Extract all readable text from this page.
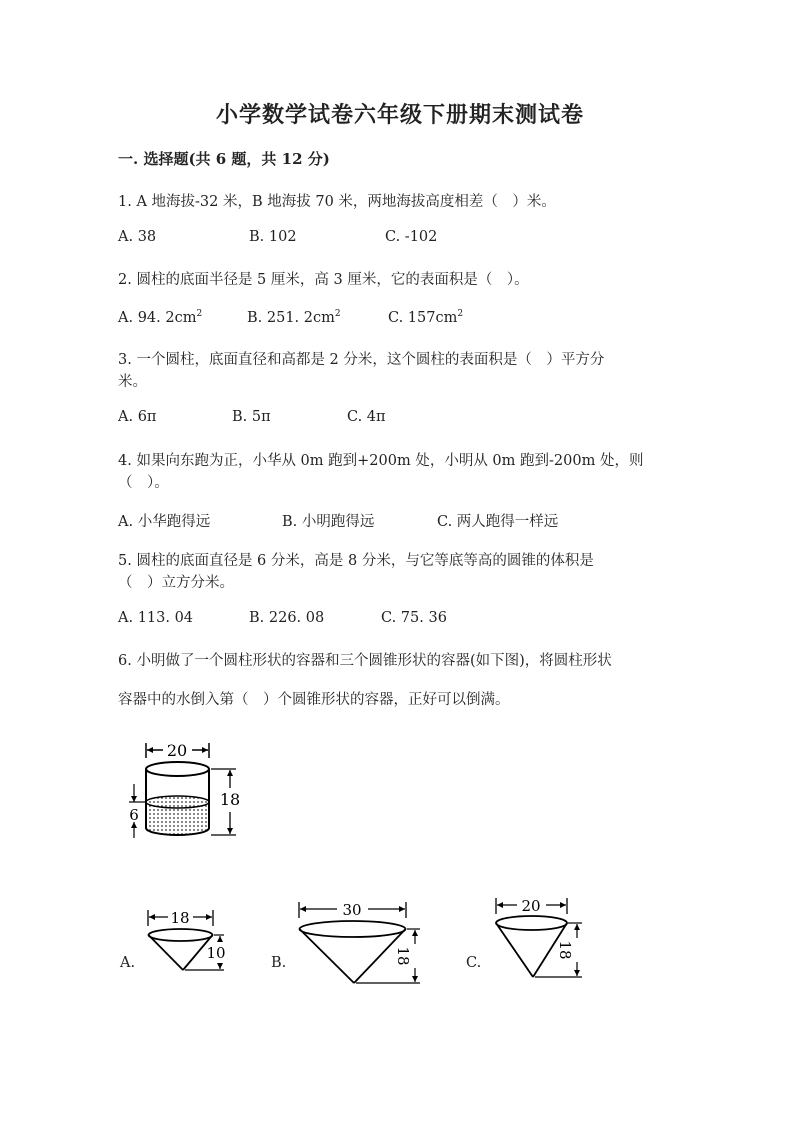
小学数学试卷六年级下册期末测试卷
一. 选择题(共 6 题，共 12 分)
1. A 地海拔-32 米，B 地海拔 70 米，两地海拔高度相差（　）米。
A. 38	B. 102	C. -102
2. 圆柱的底面半径是 5 厘米，高 3 厘米，它的表面积是（　）。
A. 94. $2cm^2$	B. 251. $2cm^2$	C. $157cm^2$
3. 一个圆柱，底面直径和高都是 2 分米，这个圆柱的表面积是（　）平方分
米。
A. 6π	B. 5π	C. 4π
4. 如果向东跑为正，小华从 0m 跑到+200m 处，小明从 0m 跑到-200m 处，则
（　）。
A. 小华跑得远	B. 小明跑得远	C. 两人跑得一样远
5. 圆柱的底面直径是 6 分米，高是 8 分米，与它等底等高的圆锥的体积是
（　）立方分米。
A. 113. 04	B. 226. 08	C. 75. 36
6. 小明做了一个圆柱形状的容器和三个圆锥形状的容器(如下图)，将圆柱形状
容器中的水倒入第（　）个圆锥形状的容器，正好可以倒满。
20
18
6
A.
18
10
B.
30
18	C.
20
18
